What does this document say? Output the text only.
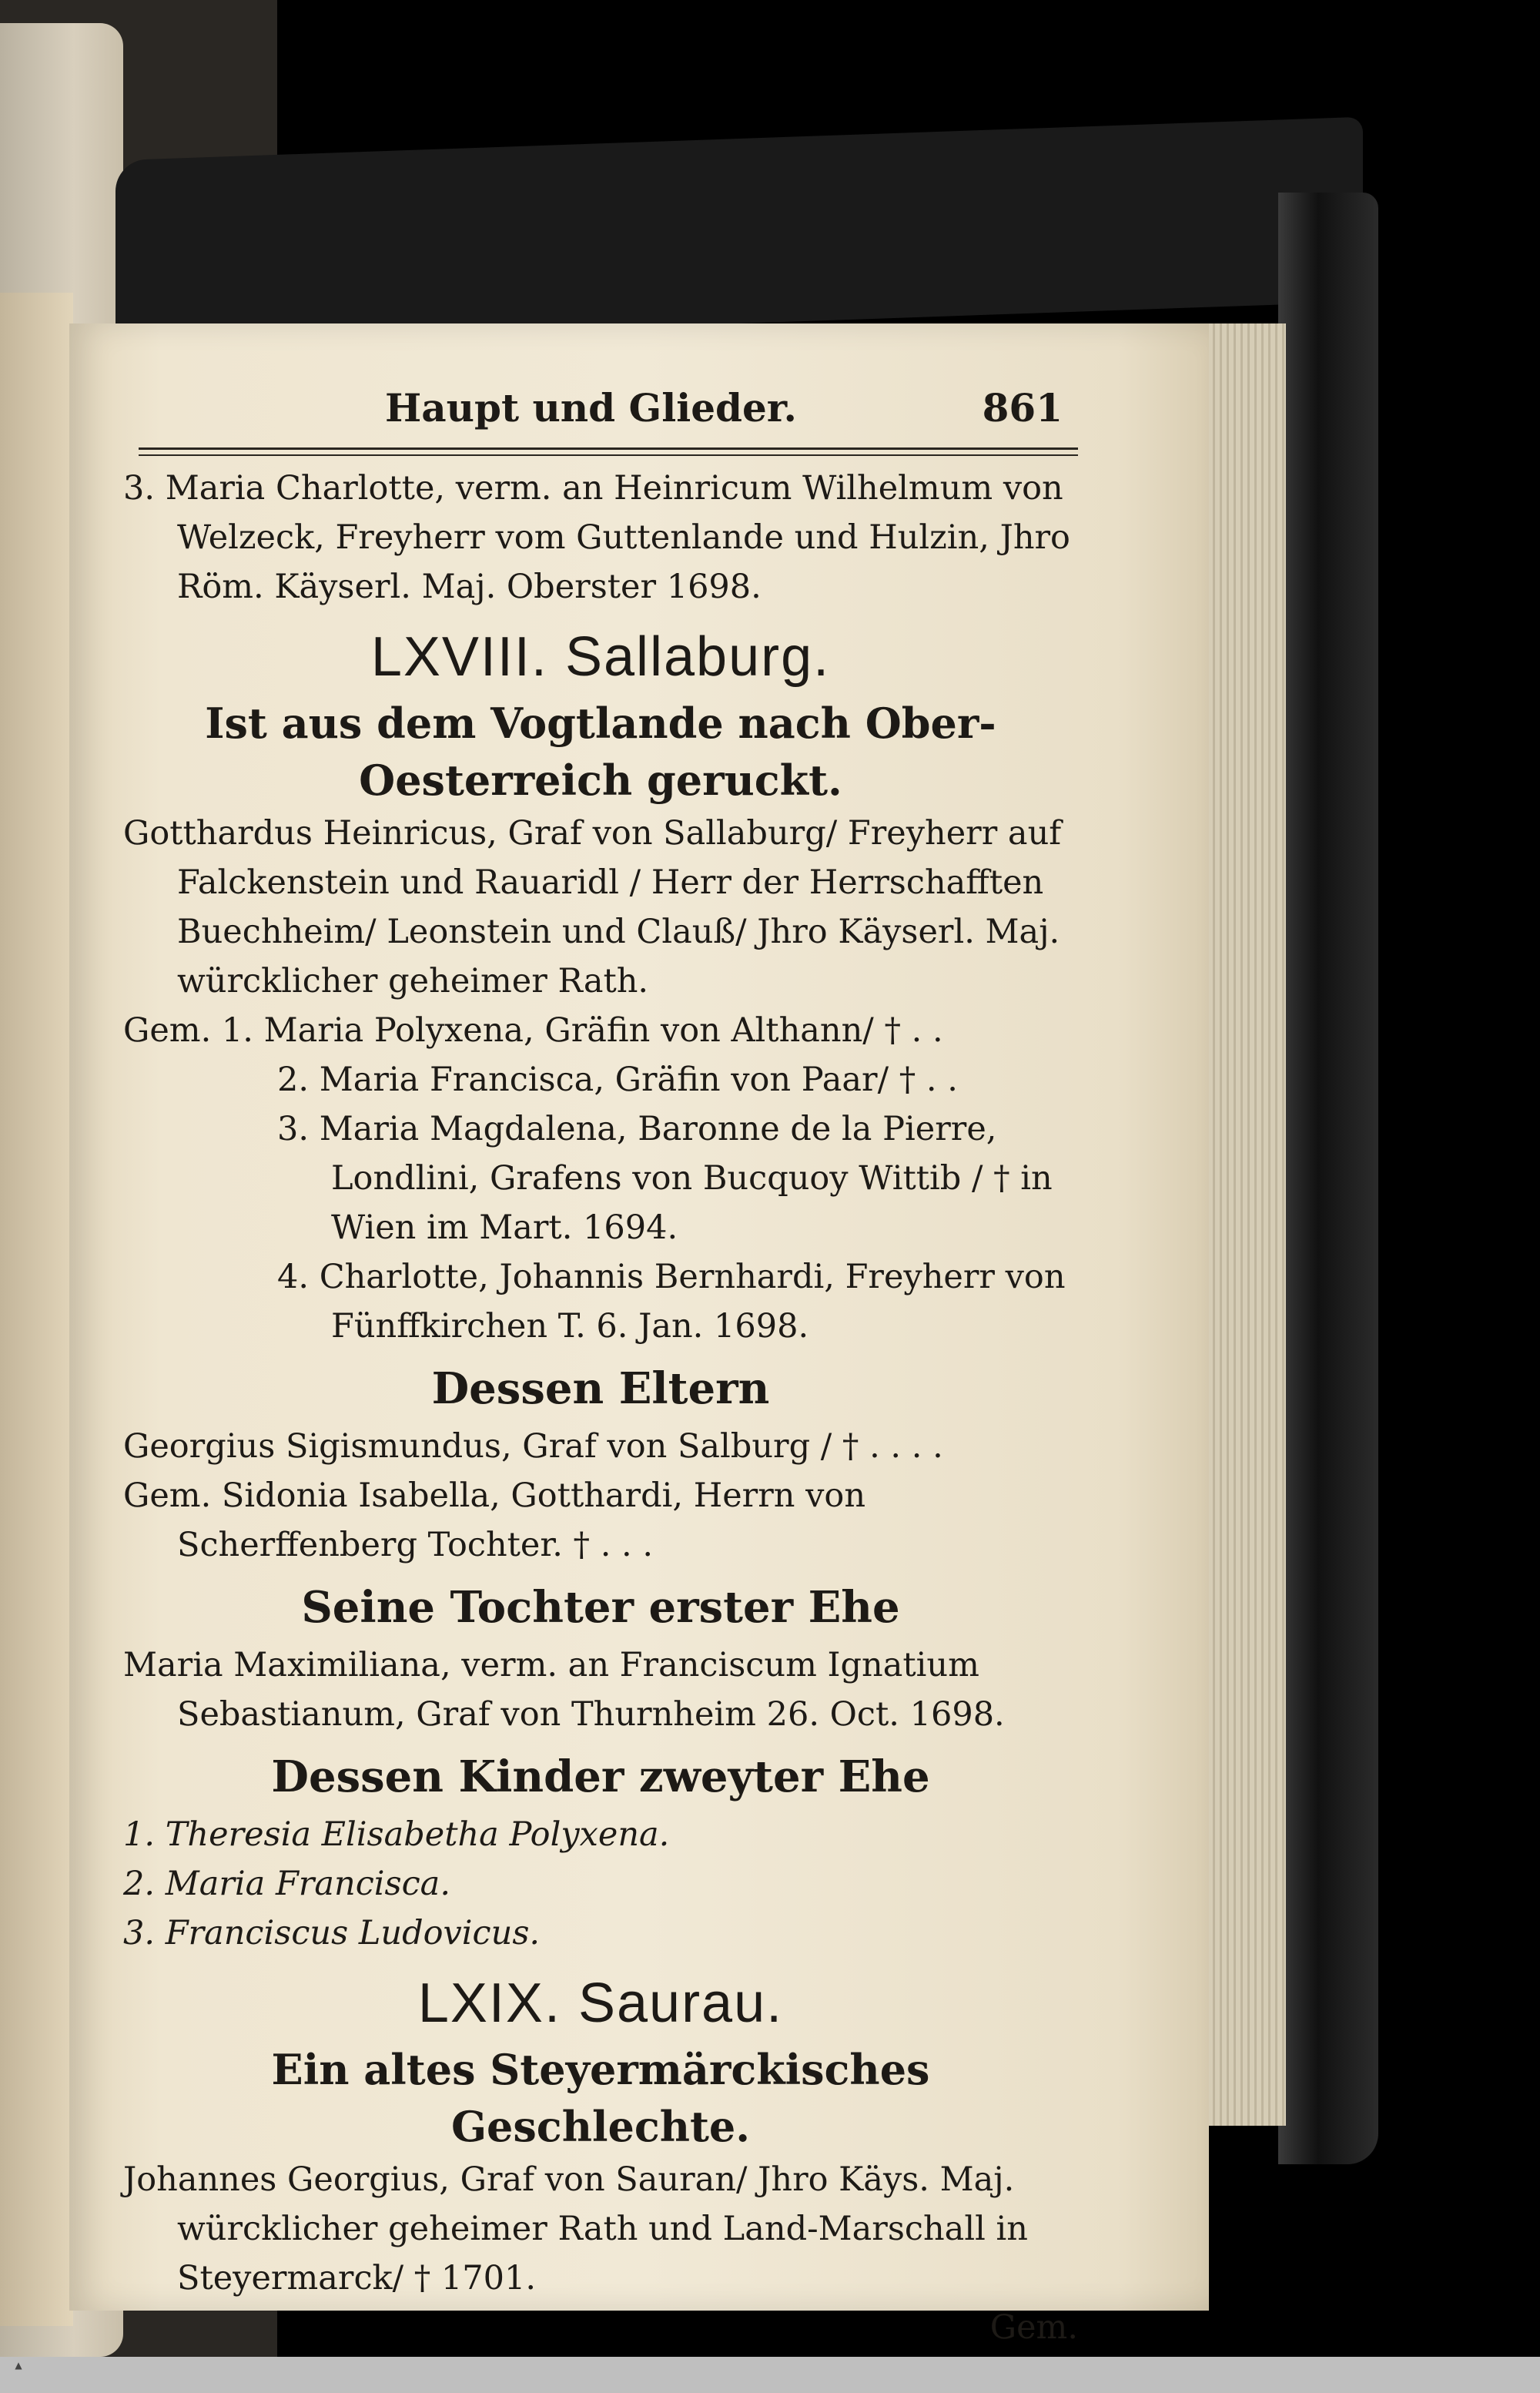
Haupt und Glieder.	861

3. Maria Charlotte, verm. an Heinricum Wilhelmum von Welzeck, Freyherr vom Guttenlande und Hulzin, Jhro Röm. Käyserl. Maj. Oberster 1698.

LXVIII. Sallaburg.
Ist aus dem Vogtlande nach Ober-Oesterreich geruckt.

Gotthardus Heinricus, Graf von Sallaburg/ Freyherr auf Falckenstein und Rauaridl / Herr der Herrschafften Buechheim/ Leonstein und Clauß/ Jhro Käyserl. Maj. würcklicher geheimer Rath.

Gem. 1. Maria Polyxena, Gräfin von Althann/ † . .

2. Maria Francisca, Gräfin von Paar/ † . .

3. Maria Magdalena, Baronne de la Pierre, Londlini, Grafens von Bucquoy Wittib / † in Wien im Mart. 1694.

4. Charlotte, Johannis Bernhardi, Freyherr von Fünffkirchen T. 6. Jan. 1698.

Dessen Eltern

Georgius Sigismundus, Graf von Salburg / † . . . .

Gem. Sidonia Isabella, Gotthardi, Herrn von Scherffenberg Tochter. † . . .

Seine Tochter erster Ehe

Maria Maximiliana, verm. an Franciscum Ignatium Sebastianum, Graf von Thurnheim 26. Oct. 1698.

Dessen Kinder zweyter Ehe

1. Theresia Elisabetha Polyxena.

2. Maria Francisca.

3. Franciscus Ludovicus.

LXIX. Saurau.
Ein altes Steyermärckisches Geschlechte.

Johannes Georgius, Graf von Sauran/ Jhro Käys. Maj. würcklicher geheimer Rath und Land-Marschall in Steyermarck/ † 1701.

Gem.
▲
